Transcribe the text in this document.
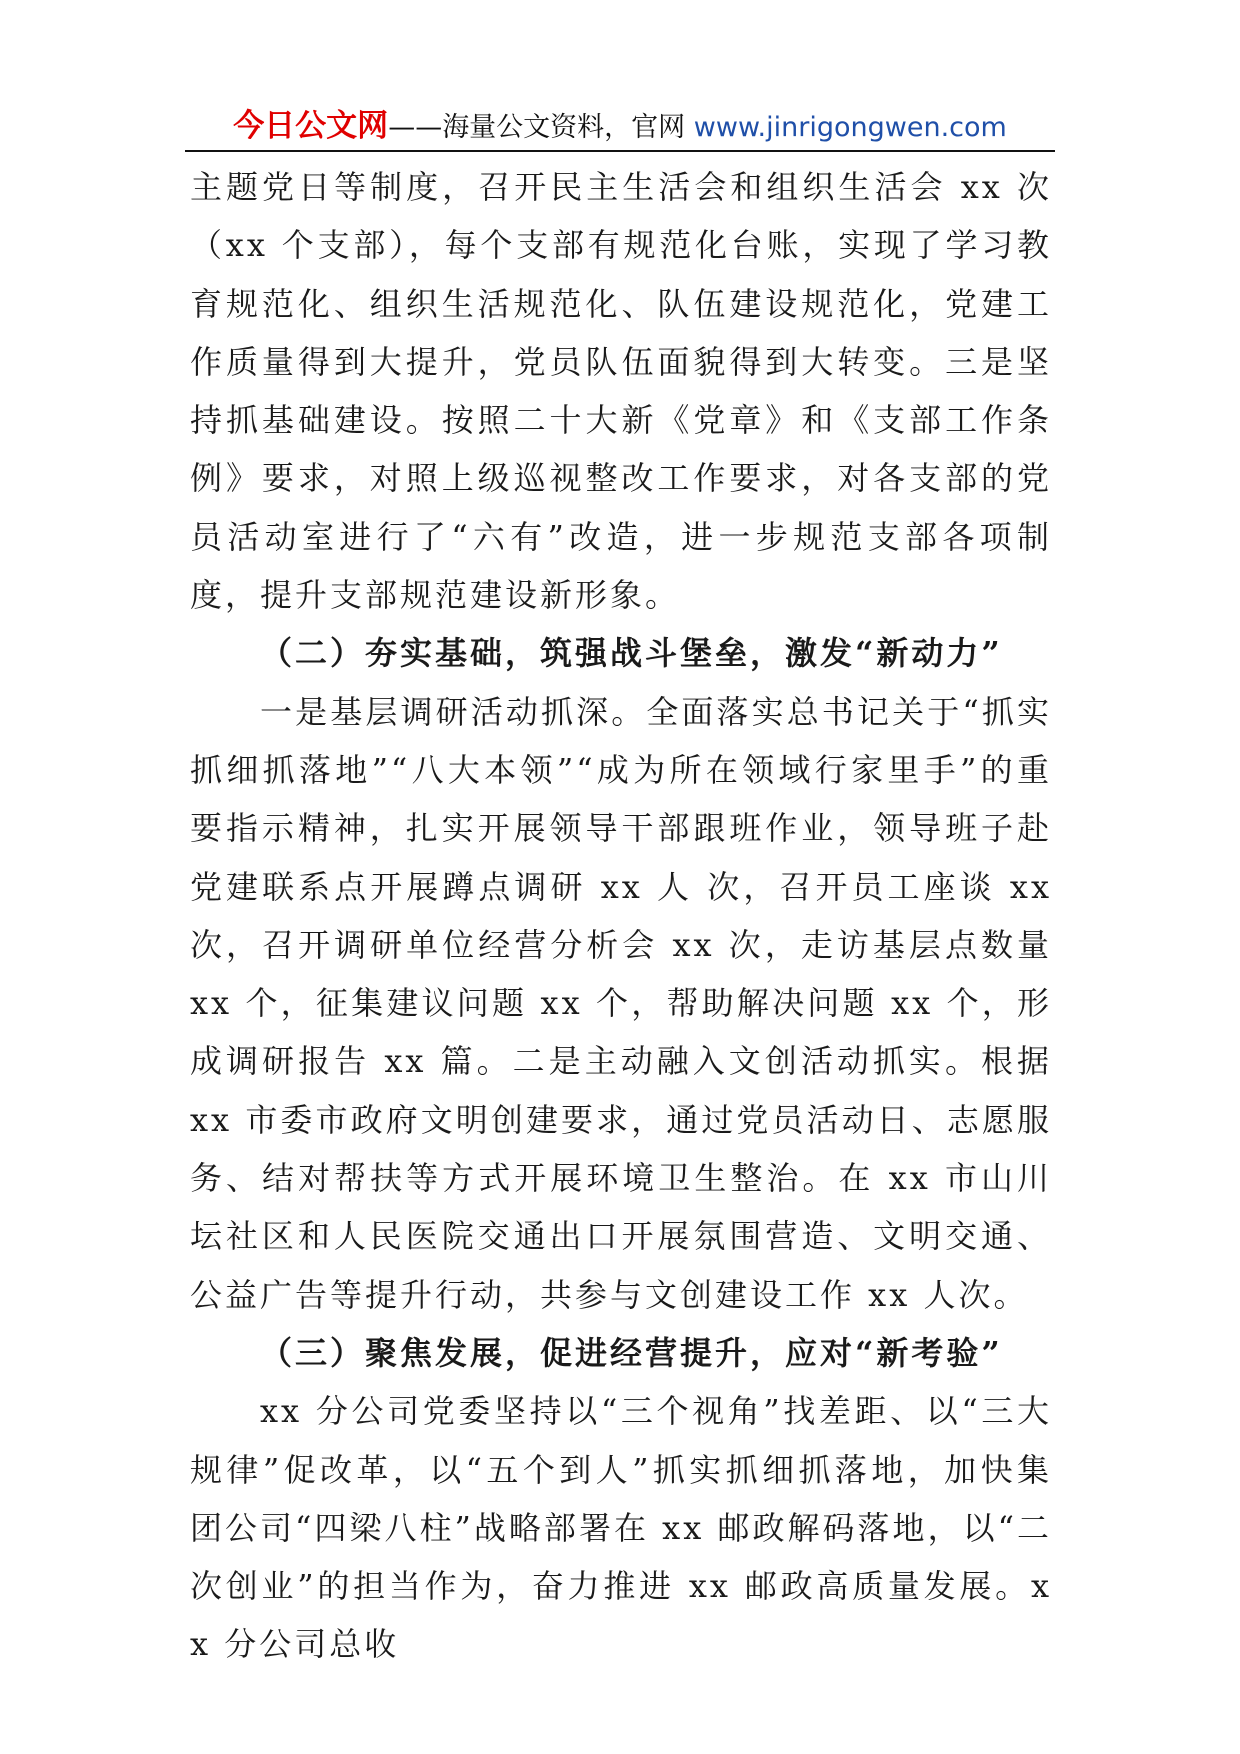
今日公文网——海量公文资料，官网 www.jinrigongwen.com

主题党日等制度，召开民主生活会和组织生活会 xx 次（xx 个支部），每个支部有规范化台账，实现了学习教育规范化、组织生活规范化、队伍建设规范化，党建工作质量得到大提升，党员队伍面貌得到大转变。三是坚持抓基础建设。按照二十大新《党章》和《支部工作条例》要求，对照上级巡视整改工作要求，对各支部的党员活动室进行了“六有”改造，进一步规范支部各项制度，提升支部规范建设新形象。

（二）夯实基础，筑强战斗堡垒，激发“新动力”

一是基层调研活动抓深。全面落实总书记关于“抓实抓细抓落地”“八大本领”“成为所在领域行家里手”的重要指示精神，扎实开展领导干部跟班作业，领导班子赴党建联系点开展蹲点调研 xx 人 次，召开员工座谈 xx 次，召开调研单位经营分析会 xx 次，走访基层点数量 xx 个，征集建议问题 xx 个，帮助解决问题 xx 个，形成调研报告 xx 篇。二是主动融入文创活动抓实。根据 xx 市委市政府文明创建要求，通过党员活动日、志愿服务、结对帮扶等方式开展环境卫生整治。在 xx 市山川坛社区和人民医院交通出口开展氛围营造、文明交通、公益广告等提升行动，共参与文创建设工作 xx 人次。

（三）聚焦发展，促进经营提升，应对“新考验”

xx 分公司党委坚持以“三个视角”找差距、以“三大规律”促改革，以“五个到人”抓实抓细抓落地，加快集团公司“四梁八柱”战略部署在 xx 邮政解码落地，以“二次创业”的担当作为，奋力推进 xx 邮政高质量发展。xx 分公司总收
